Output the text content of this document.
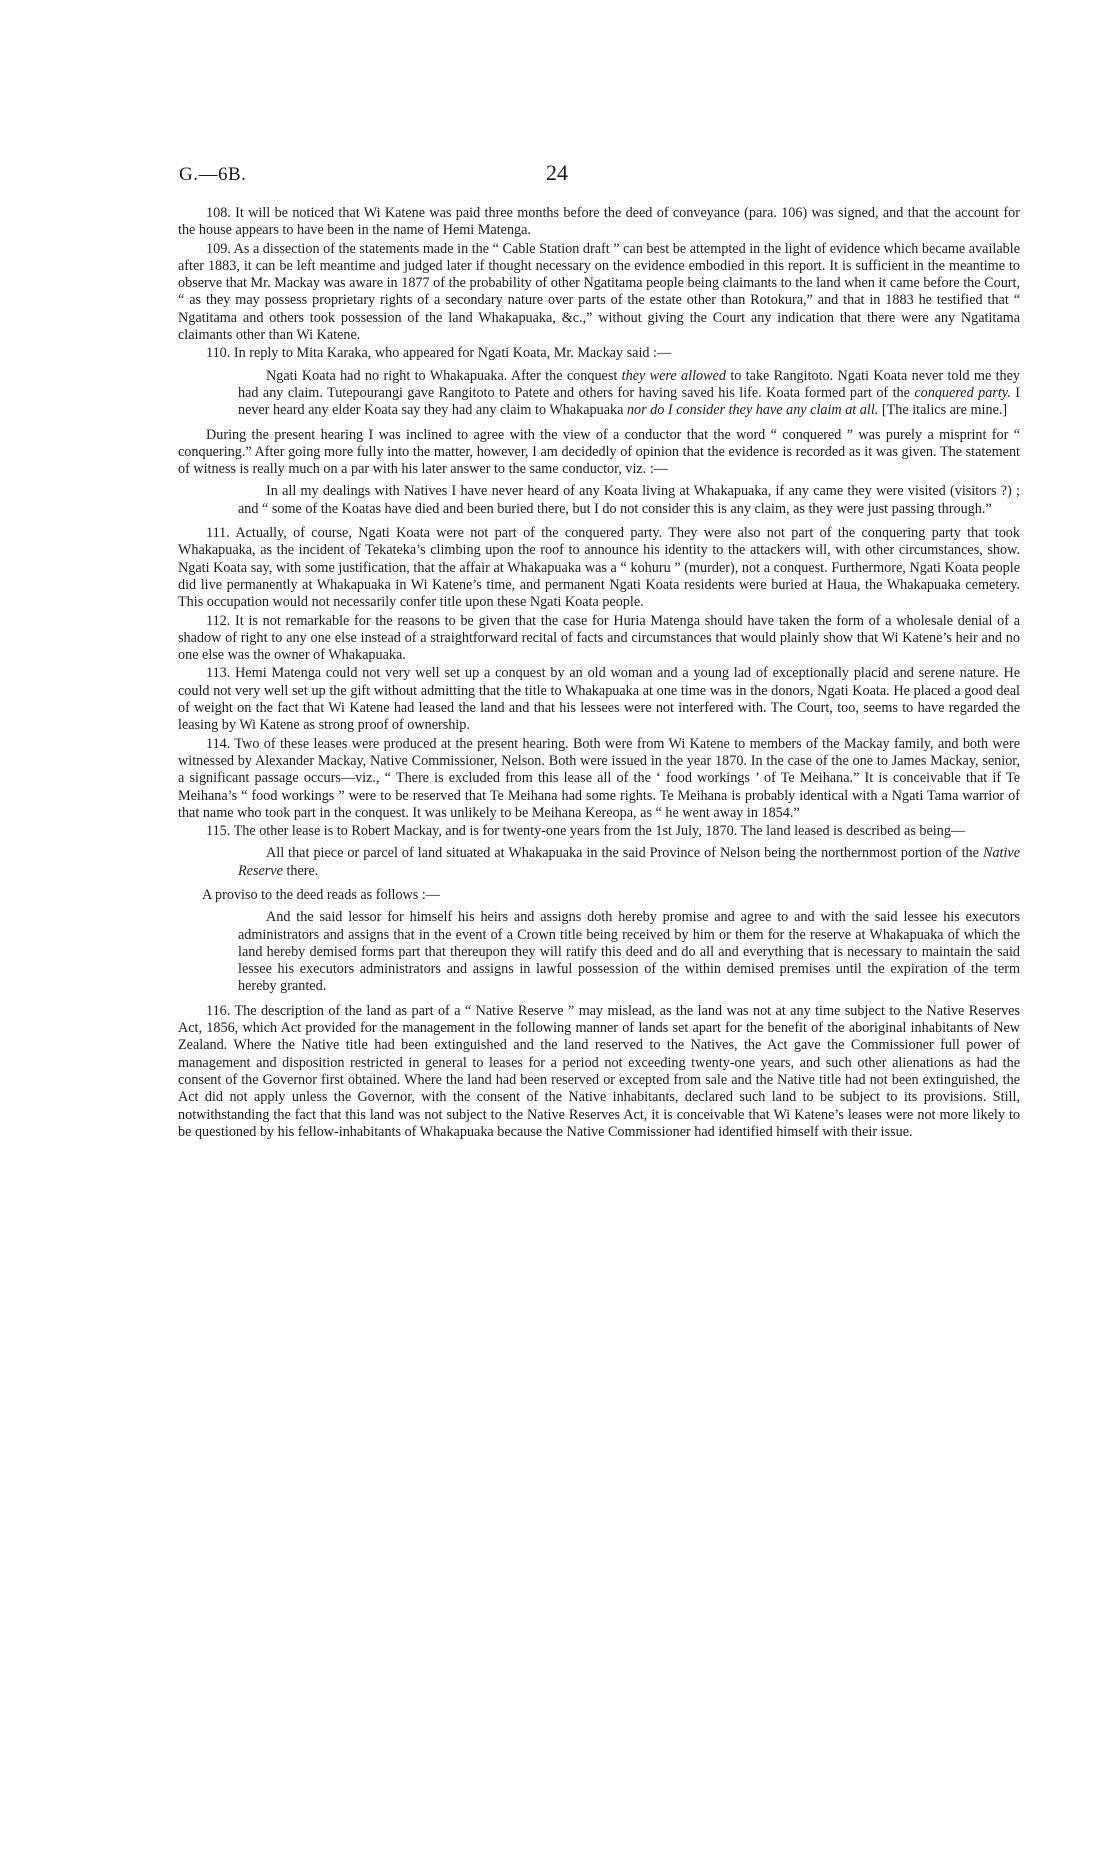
G.—6B.	24

108. It will be noticed that Wi Katene was paid three months before the deed of conveyance (para. 106) was signed, and that the account for the house appears to have been in the name of Hemi Matenga.

109. As a dissection of the statements made in the “ Cable Station draft ” can best be attempted in the light of evidence which became available after 1883, it can be left meantime and judged later if thought necessary on the evidence embodied in this report. It is sufficient in the meantime to observe that Mr. Mackay was aware in 1877 of the probability of other Ngatitama people being claimants to the land when it came before the Court, “ as they may possess proprietary rights of a secondary nature over parts of the estate other than Rotokura,” and that in 1883 he testified that “ Ngatitama and others took possession of the land Whakapuaka, &c.,” without giving the Court any indication that there were any Ngatitama claimants other than Wi Katene.

110. In reply to Mita Karaka, who appeared for Ngati Koata, Mr. Mackay said :—

Ngati Koata had no right to Whakapuaka. After the conquest they were allowed to take Rangitoto. Ngati Koata never told me they had any claim. Tutepourangi gave Rangitoto to Patete and others for having saved his life. Koata formed part of the conquered party. I never heard any elder Koata say they had any claim to Whakapuaka nor do I consider they have any claim at all. [The italics are mine.]

During the present hearing I was inclined to agree with the view of a conductor that the word “ conquered ” was purely a misprint for “ conquering.” After going more fully into the matter, however, I am decidedly of opinion that the evidence is recorded as it was given. The statement of witness is really much on a par with his later answer to the same conductor, viz. :—

In all my dealings with Natives I have never heard of any Koata living at Whakapuaka, if any came they were visited (visitors ?) ; and “ some of the Koatas have died and been buried there, but I do not consider this is any claim, as they were just passing through.”

111. Actually, of course, Ngati Koata were not part of the conquered party. They were also not part of the conquering party that took Whakapuaka, as the incident of Tekateka’s climbing upon the roof to announce his identity to the attackers will, with other circumstances, show. Ngati Koata say, with some justification, that the affair at Whakapuaka was a “ kohuru ” (murder), not a conquest. Furthermore, Ngati Koata people did live permanently at Whakapuaka in Wi Katene’s time, and permanent Ngati Koata residents were buried at Haua, the Whakapuaka cemetery. This occupation would not necessarily confer title upon these Ngati Koata people.

112. It is not remarkable for the reasons to be given that the case for Huria Matenga should have taken the form of a wholesale denial of a shadow of right to any one else instead of a straightforward recital of facts and circumstances that would plainly show that Wi Katene’s heir and no one else was the owner of Whakapuaka.

113. Hemi Matenga could not very well set up a conquest by an old woman and a young lad of exceptionally placid and serene nature. He could not very well set up the gift without admitting that the title to Whakapuaka at one time was in the donors, Ngati Koata. He placed a good deal of weight on the fact that Wi Katene had leased the land and that his lessees were not interfered with. The Court, too, seems to have regarded the leasing by Wi Katene as strong proof of ownership.

114. Two of these leases were produced at the present hearing. Both were from Wi Katene to members of the Mackay family, and both were witnessed by Alexander Mackay, Native Commissioner, Nelson. Both were issued in the year 1870. In the case of the one to James Mackay, senior, a significant passage occurs—viz., “ There is excluded from this lease all of the ‘ food workings ’ of Te Meihana.” It is conceivable that if Te Meihana’s “ food workings ” were to be reserved that Te Meihana had some rights. Te Meihana is probably identical with a Ngati Tama warrior of that name who took part in the conquest. It was unlikely to be Meihana Kereopa, as “ he went away in 1854.”

115. The other lease is to Robert Mackay, and is for twenty-one years from the 1st July, 1870. The land leased is described as being—

All that piece or parcel of land situated at Whakapuaka in the said Province of Nelson being the northernmost portion of the Native Reserve there.

A proviso to the deed reads as follows :—

And the said lessor for himself his heirs and assigns doth hereby promise and agree to and with the said lessee his executors administrators and assigns that in the event of a Crown title being received by him or them for the reserve at Whakapuaka of which the land hereby demised forms part that thereupon they will ratify this deed and do all and everything that is necessary to maintain the said lessee his executors administrators and assigns in lawful possession of the within demised premises until the expiration of the term hereby granted.

116. The description of the land as part of a “ Native Reserve ” may mislead, as the land was not at any time subject to the Native Reserves Act, 1856, which Act provided for the management in the following manner of lands set apart for the benefit of the aboriginal inhabitants of New Zealand. Where the Native title had been extinguished and the land reserved to the Natives, the Act gave the Commissioner full power of management and disposition restricted in general to leases for a period not exceeding twenty-one years, and such other alienations as had the consent of the Governor first obtained. Where the land had been reserved or excepted from sale and the Native title had not been extinguished, the Act did not apply unless the Governor, with the consent of the Native inhabitants, declared such land to be subject to its provisions. Still, notwithstanding the fact that this land was not subject to the Native Reserves Act, it is conceivable that Wi Katene’s leases were not more likely to be questioned by his fellow-inhabitants of Whakapuaka because the Native Commissioner had identified himself with their issue.
